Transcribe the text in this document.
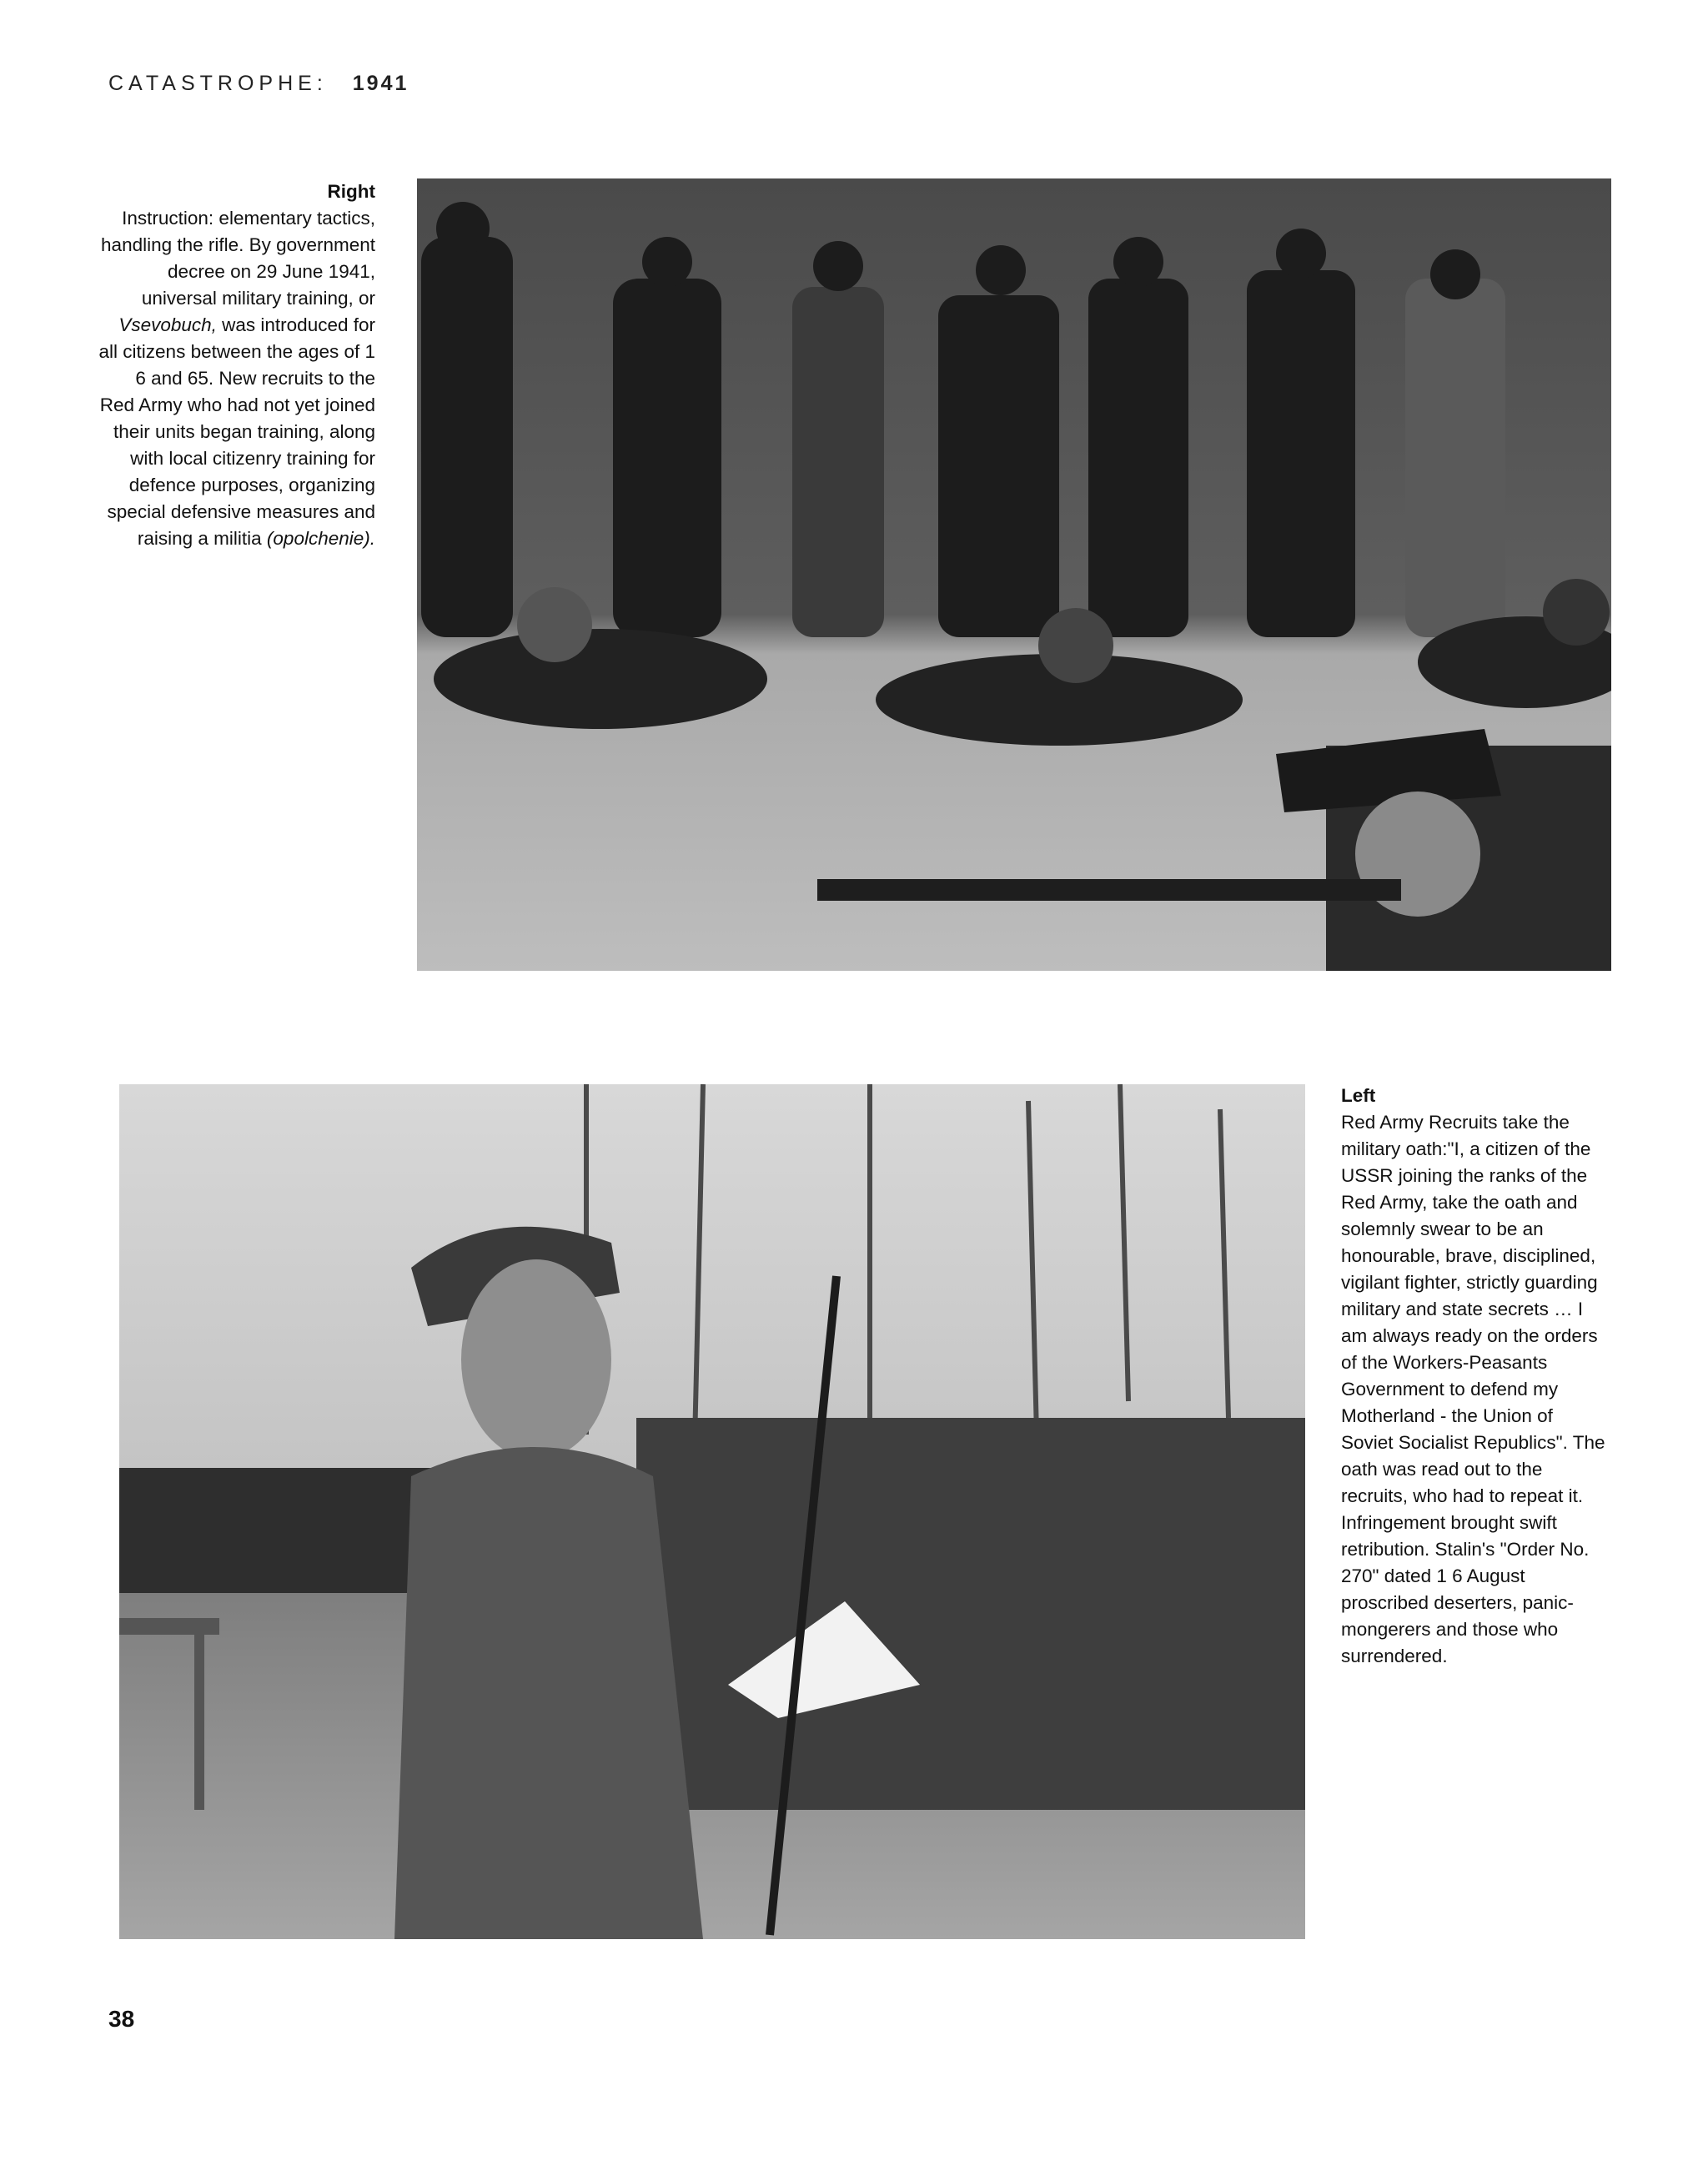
CATASTROPHE: 1941
Right
Instruction: elementary tactics, handling the rifle. By government decree on 29 June 1941, universal military training, or Vsevobuch, was introduced for all citizens between the ages of 1 6 and 65. New recruits to the Red Army who had not yet joined their units began training, along with local citizenry training for defence purposes, organizing special defensive measures and raising a militia (opolchenie).
Left
Red Army Recruits take the military oath:"I, a citizen of the USSR joining the ranks of the Red Army, take the oath and solemnly swear to be an honourable, brave, disciplined, vigilant fighter, strictly guarding military and state secrets … I am always ready on the orders of the Workers-Peasants Government to defend my Motherland - the Union of Soviet Socialist Republics". The oath was read out to the recruits, who had to repeat it. Infringement brought swift retribution. Stalin's "Order No. 270" dated 1 6 August proscribed deserters, panic-mongerers and those who surrendered.
38
